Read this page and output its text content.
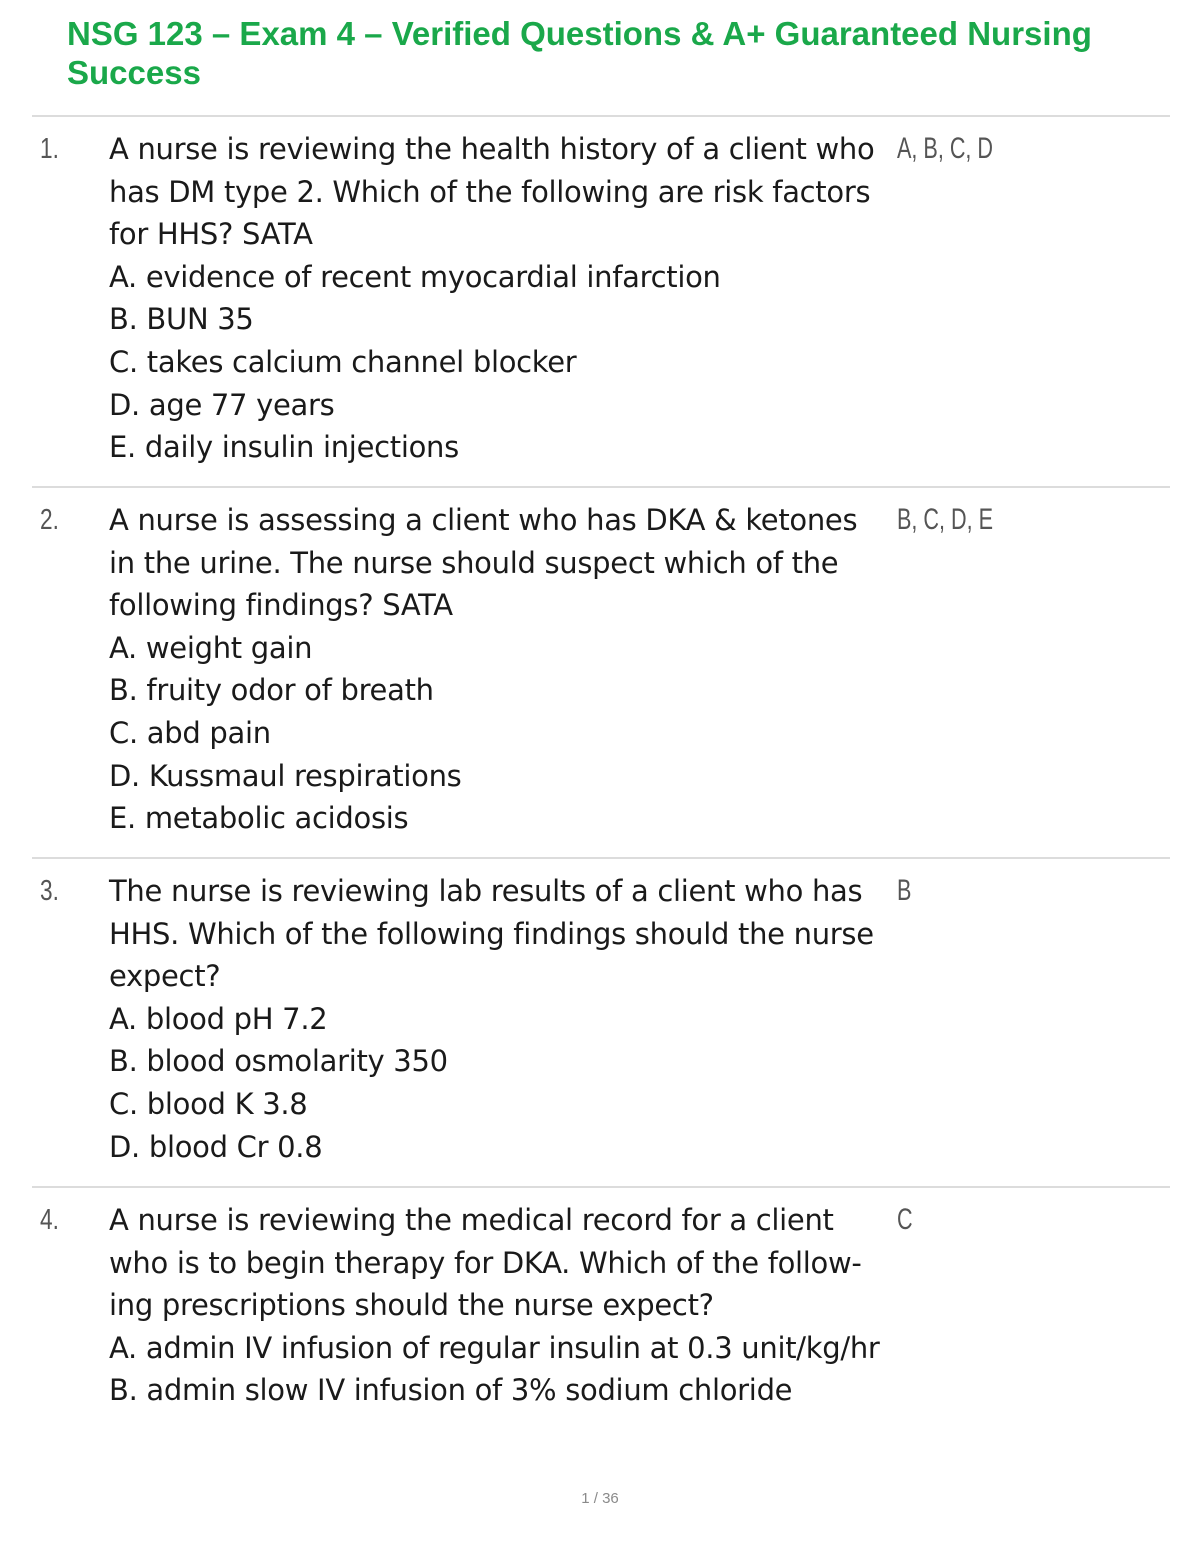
NSG 123 – Exam 4 – Verified Questions & A+ Guaranteed Nursing Success
1. A nurse is reviewing the health history of a client who has DM type 2. Which of the following are risk factors for HHS? SATA
A. evidence of recent myocardial infarction
B. BUN 35
C. takes calcium channel blocker
D. age 77 years
E. daily insulin injections
A, B, C, D
2. A nurse is assessing a client who has DKA & ketones in the urine. The nurse should suspect which of the following findings? SATA
A. weight gain
B. fruity odor of breath
C. abd pain
D. Kussmaul respirations
E. metabolic acidosis
B, C, D, E
3. The nurse is reviewing lab results of a client who has HHS. Which of the following findings should the nurse expect?
A. blood pH 7.2
B. blood osmolarity 350
C. blood K 3.8
D. blood Cr 0.8
B
4. A nurse is reviewing the medical record for a client who is to begin therapy for DKA. Which of the follow-ing prescriptions should the nurse expect?
A. admin IV infusion of regular insulin at 0.3 unit/kg/hr
B. admin slow IV infusion of 3% sodium chloride
C
1 / 36
